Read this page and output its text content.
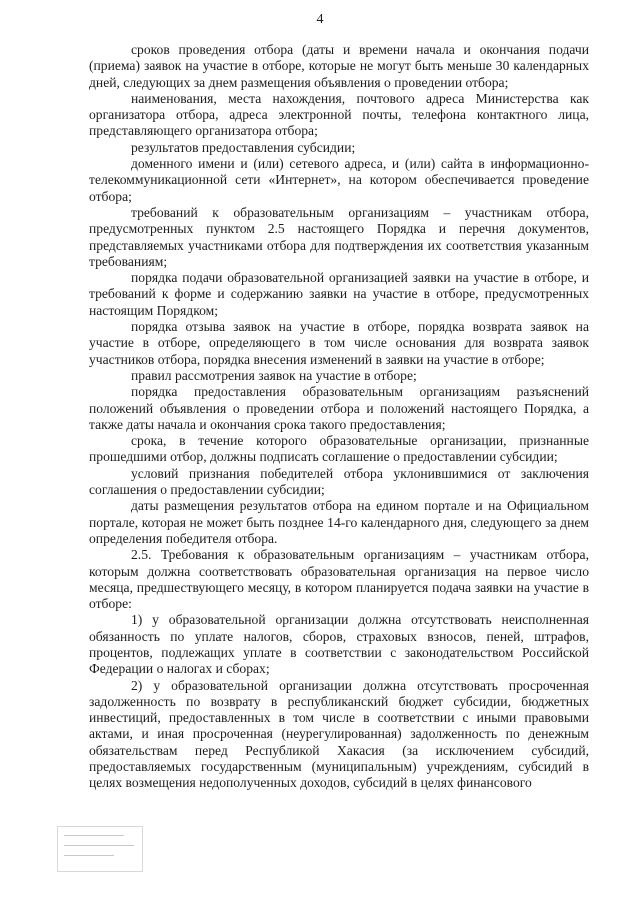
4

сроков проведения отбора (даты и времени начала и окончания подачи (приема) заявок на участие в отборе, которые не могут быть меньше 30 календарных дней, следующих за днем размещения объявления о проведении отбора;

наименования, места нахождения, почтового адреса Министерства как организатора отбора, адреса электронной почты, телефона контактного лица, представляющего организатора отбора;

результатов предоставления субсидии;

доменного имени и (или) сетевого адреса, и (или) сайта в информационно-телекоммуникационной сети «Интернет», на котором обеспечивается проведение отбора;

требований к образовательным организациям – участникам отбора, предусмотренных пунктом 2.5 настоящего Порядка и перечня документов, представляемых участниками отбора для подтверждения их соответствия указанным требованиям;

порядка подачи образовательной организацией заявки на участие в отборе, и требований к форме и содержанию заявки на участие в отборе, предусмотренных настоящим Порядком;

порядка отзыва заявок на участие в отборе, порядка возврата заявок на участие в отборе, определяющего в том числе основания для возврата заявок участников отбора, порядка внесения изменений в заявки на участие в отборе;

правил рассмотрения заявок на участие в отборе;

порядка предоставления образовательным организациям разъяснений положений объявления о проведении отбора и положений настоящего Порядка, а также даты начала и окончания срока такого предоставления;

срока, в течение которого образовательные организации, признанные прошедшими отбор, должны подписать соглашение о предоставлении субсидии;

условий признания победителей отбора уклонившимися от заключения соглашения о предоставлении субсидии;

даты размещения результатов отбора на едином портале и на Официальном портале, которая не может быть позднее 14-го календарного дня, следующего за днем определения победителя отбора.

2.5. Требования к образовательным организациям – участникам отбора, которым должна соответствовать образовательная организация на первое число месяца, предшествующего месяцу, в котором планируется подача заявки на участие в отборе:

1) у образовательной организации должна отсутствовать неисполненная обязанность по уплате налогов, сборов, страховых взносов, пеней, штрафов, процентов, подлежащих уплате в соответствии с законодательством Российской Федерации о налогах и сборах;

2) у образовательной организации должна отсутствовать просроченная задолженность по возврату в республиканский бюджет субсидии, бюджетных инвестиций, предоставленных в том числе в соответствии с иными правовыми актами, и иная просроченная (неурегулированная) задолженность по денежным обязательствам перед Республикой Хакасия (за исключением субсидий, предоставляемых государственным (муниципальным) учреждениям, субсидий в целях возмещения недополученных доходов, субсидий в целях финансового
